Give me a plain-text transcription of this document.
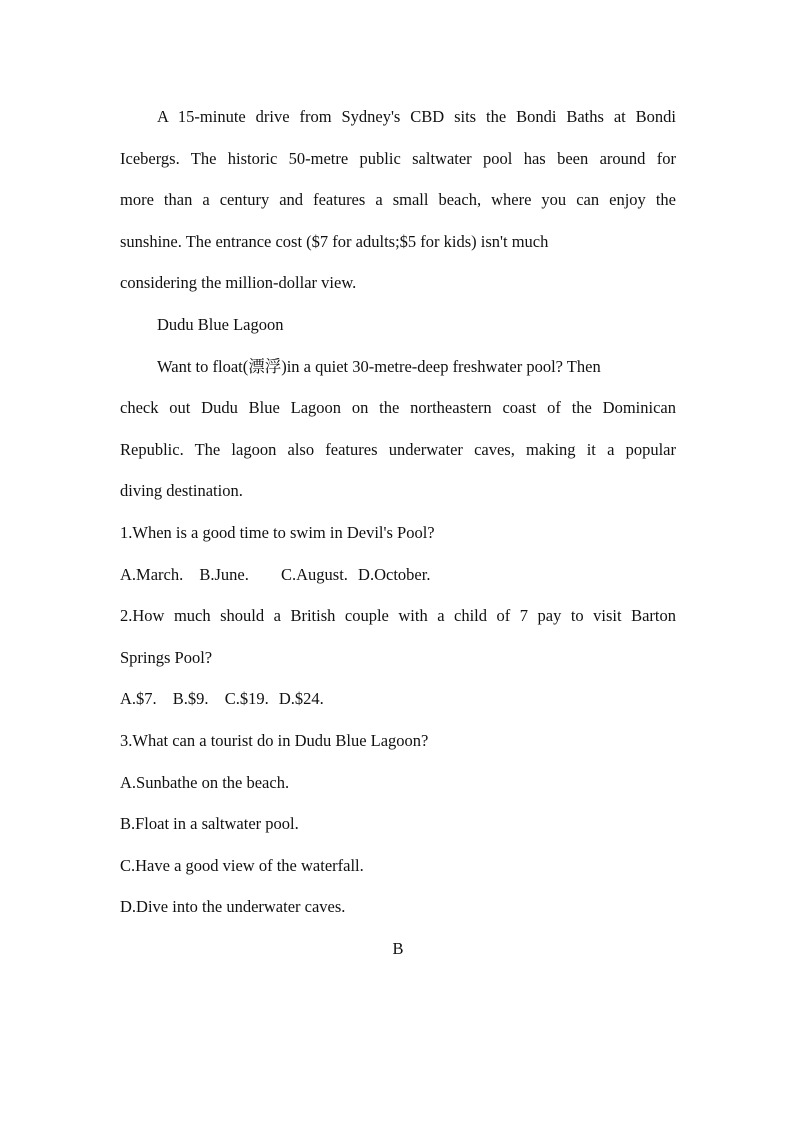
A 15-minute drive from Sydney's CBD sits the Bondi Baths at Bondi
Icebergs. The historic 50-metre public saltwater pool has been around for
more than a century and features a small beach, where you can enjoy the
sunshine. The entrance cost ($7 for adults;$5 for kids) isn't much
considering the million-dollar view.
Dudu Blue Lagoon
Want to float(漂浮)in a quiet 30-metre-deep freshwater pool? Then
check out Dudu Blue Lagoon on the northeastern coast of the Dominican
Republic. The lagoon also features underwater caves, making it a popular
diving destination.
1.When is a good time to swim in Devil's Pool?
A.March. B.June. C.August. D.October.
2.How much should a British couple with a child of 7 pay to visit Barton
Springs Pool?
A.$7. B.$9. C.$19. D.$24.
3.What can a tourist do in Dudu Blue Lagoon?
A.Sunbathe on the beach.
B.Float in a saltwater pool.
C.Have a good view of the waterfall.
D.Dive into the underwater caves.
B
